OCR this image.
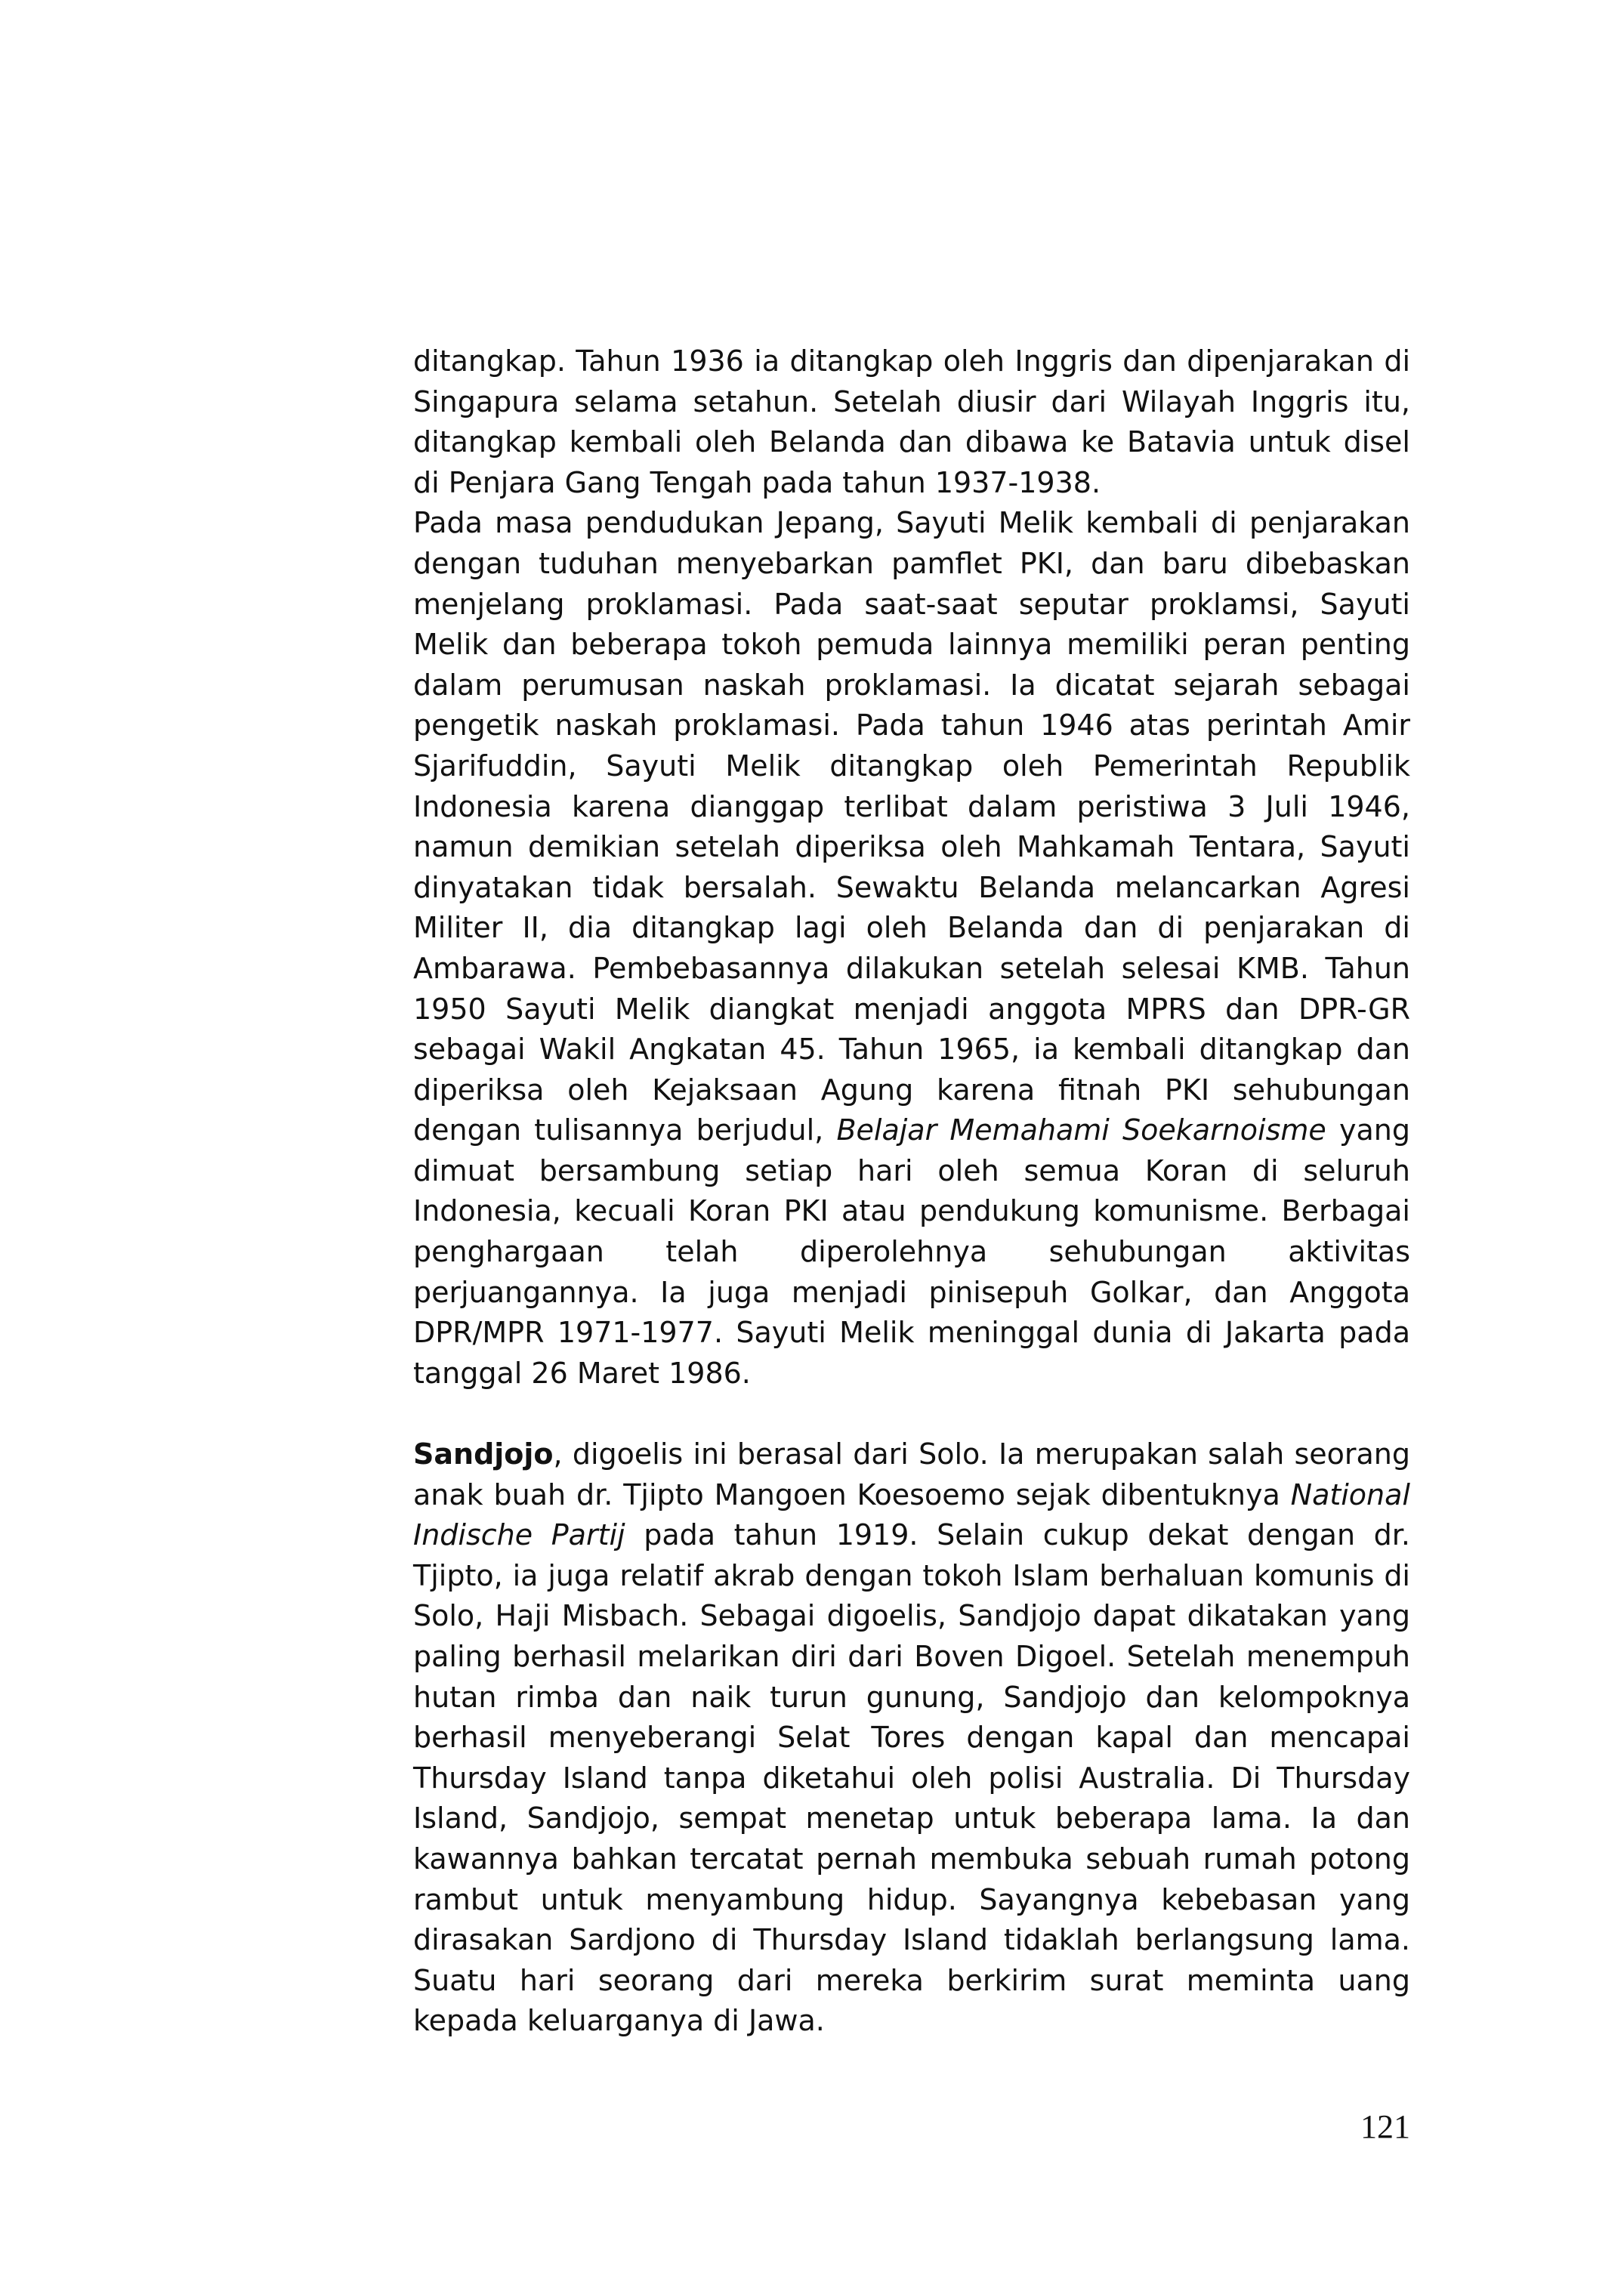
ditangkap. Tahun 1936 ia ditangkap oleh Inggris dan dipenjarakan di Singapura selama setahun. Setelah diusir dari Wilayah Inggris itu, ditangkap kembali oleh Belanda dan dibawa ke Batavia untuk disel di Penjara Gang Tengah pada tahun 1937-1938.

Pada masa pendudukan Jepang, Sayuti Melik kembali di penjarakan dengan tuduhan menyebarkan pamflet PKI, dan baru dibebaskan menjelang proklamasi. Pada saat-saat seputar proklamsi, Sayuti Melik dan beberapa tokoh pemuda lainnya memiliki peran penting dalam perumusan naskah proklamasi. Ia dicatat sejarah sebagai pengetik naskah proklamasi. Pada tahun 1946 atas perintah Amir Sjarifuddin, Sayuti Melik ditangkap oleh Pemerintah Republik Indonesia karena dianggap terlibat dalam peristiwa 3 Juli 1946, namun demikian setelah diperiksa oleh Mahkamah Tentara, Sayuti dinyatakan tidak bersalah. Sewaktu Belanda melancarkan Agresi Militer II, dia ditangkap lagi oleh Belanda dan di penjarakan di Ambarawa. Pembebasannya dilakukan setelah selesai KMB. Tahun 1950 Sayuti Melik diangkat menjadi anggota MPRS dan DPR-GR sebagai Wakil Angkatan 45. Tahun 1965, ia kembali ditangkap dan diperiksa oleh Kejaksaan Agung karena fitnah PKI sehubungan dengan tulisannya berjudul, Belajar Memahami Soekarnoisme yang dimuat bersambung setiap hari oleh semua Koran di seluruh Indonesia, kecuali Koran PKI atau pendukung komunisme. Berbagai penghargaan telah diperolehnya sehubungan aktivitas perjuangannya. Ia juga menjadi pinisepuh Golkar, dan Anggota DPR/MPR 1971-1977. Sayuti Melik meninggal dunia di Jakarta pada tanggal 26 Maret 1986.

Sandjojo, digoelis ini berasal dari Solo. Ia merupakan salah seorang anak buah dr. Tjipto Mangoen Koesoemo sejak dibentuknya National Indische Partij pada tahun 1919. Selain cukup dekat dengan dr. Tjipto, ia juga relatif akrab dengan tokoh Islam berhaluan komunis di Solo, Haji Misbach. Sebagai digoelis, Sandjojo dapat dikatakan yang paling berhasil melarikan diri dari Boven Digoel. Setelah menempuh hutan rimba dan naik turun gunung, Sandjojo dan kelompoknya berhasil menyeberangi Selat Tores dengan kapal dan mencapai Thursday Island tanpa diketahui oleh polisi Australia. Di Thursday Island, Sandjojo, sempat menetap untuk beberapa lama. Ia dan kawannya bahkan tercatat pernah membuka sebuah rumah potong rambut untuk menyambung hidup. Sayangnya kebebasan yang dirasakan Sardjono di Thursday Island tidaklah berlangsung lama. Suatu hari seorang dari mereka berkirim surat meminta uang kepada keluarganya di Jawa.

121
